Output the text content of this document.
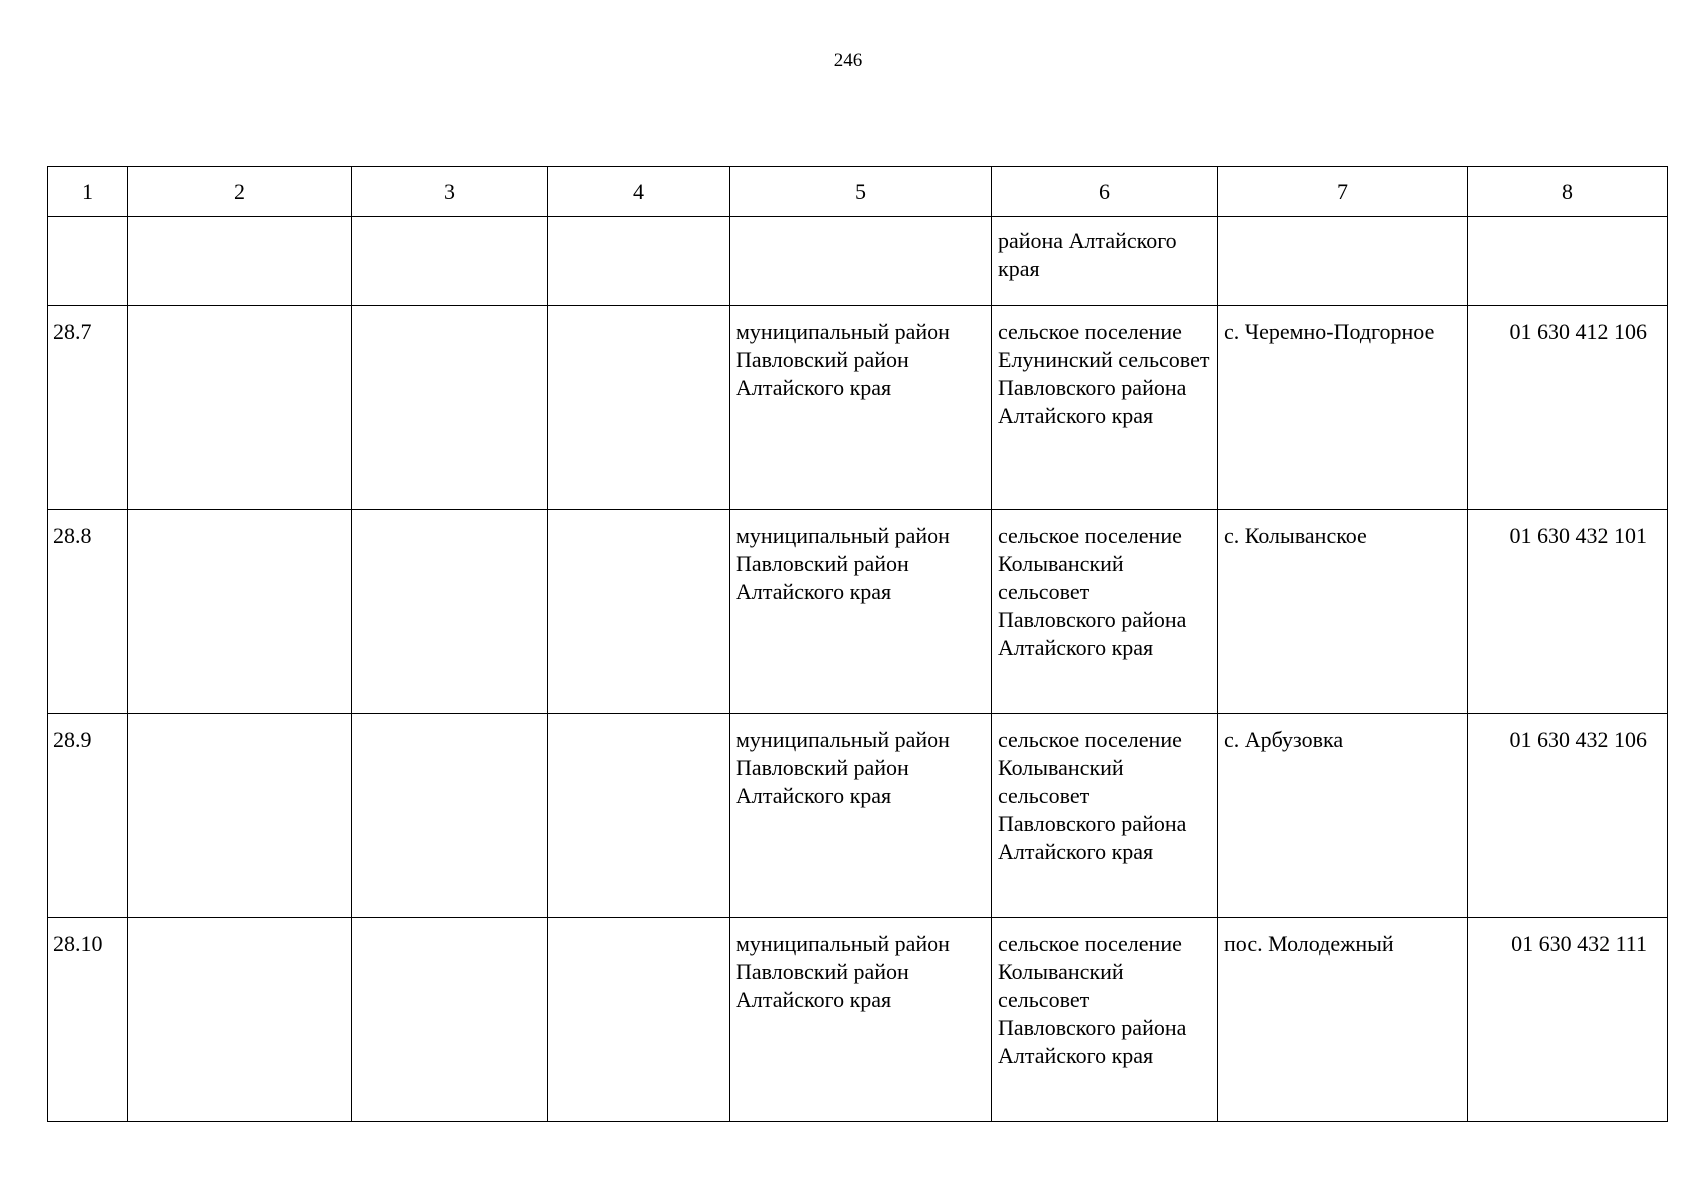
246
1	2	3	4	5	6	7	8
					района Алтайского края		
28.7				муниципальный район Павловский район Алтайского края	сельское поселение Елунинский сельсовет Павловского района Алтайского края	с. Черемно-Подгорное	01 630 412 106
28.8				муниципальный район Павловский район Алтайского края	сельское поселение Колыванский сельсовет Павловского района Алтайского края	с. Колыванское	01 630 432 101
28.9				муниципальный район Павловский район Алтайского края	сельское поселение Колыванский сельсовет Павловского района Алтайского края	с. Арбузовка	01 630 432 106
28.10				муниципальный район Павловский район Алтайского края	сельское поселение Колыванский сельсовет Павловского района Алтайского края	пос. Молодежный	01 630 432 111
